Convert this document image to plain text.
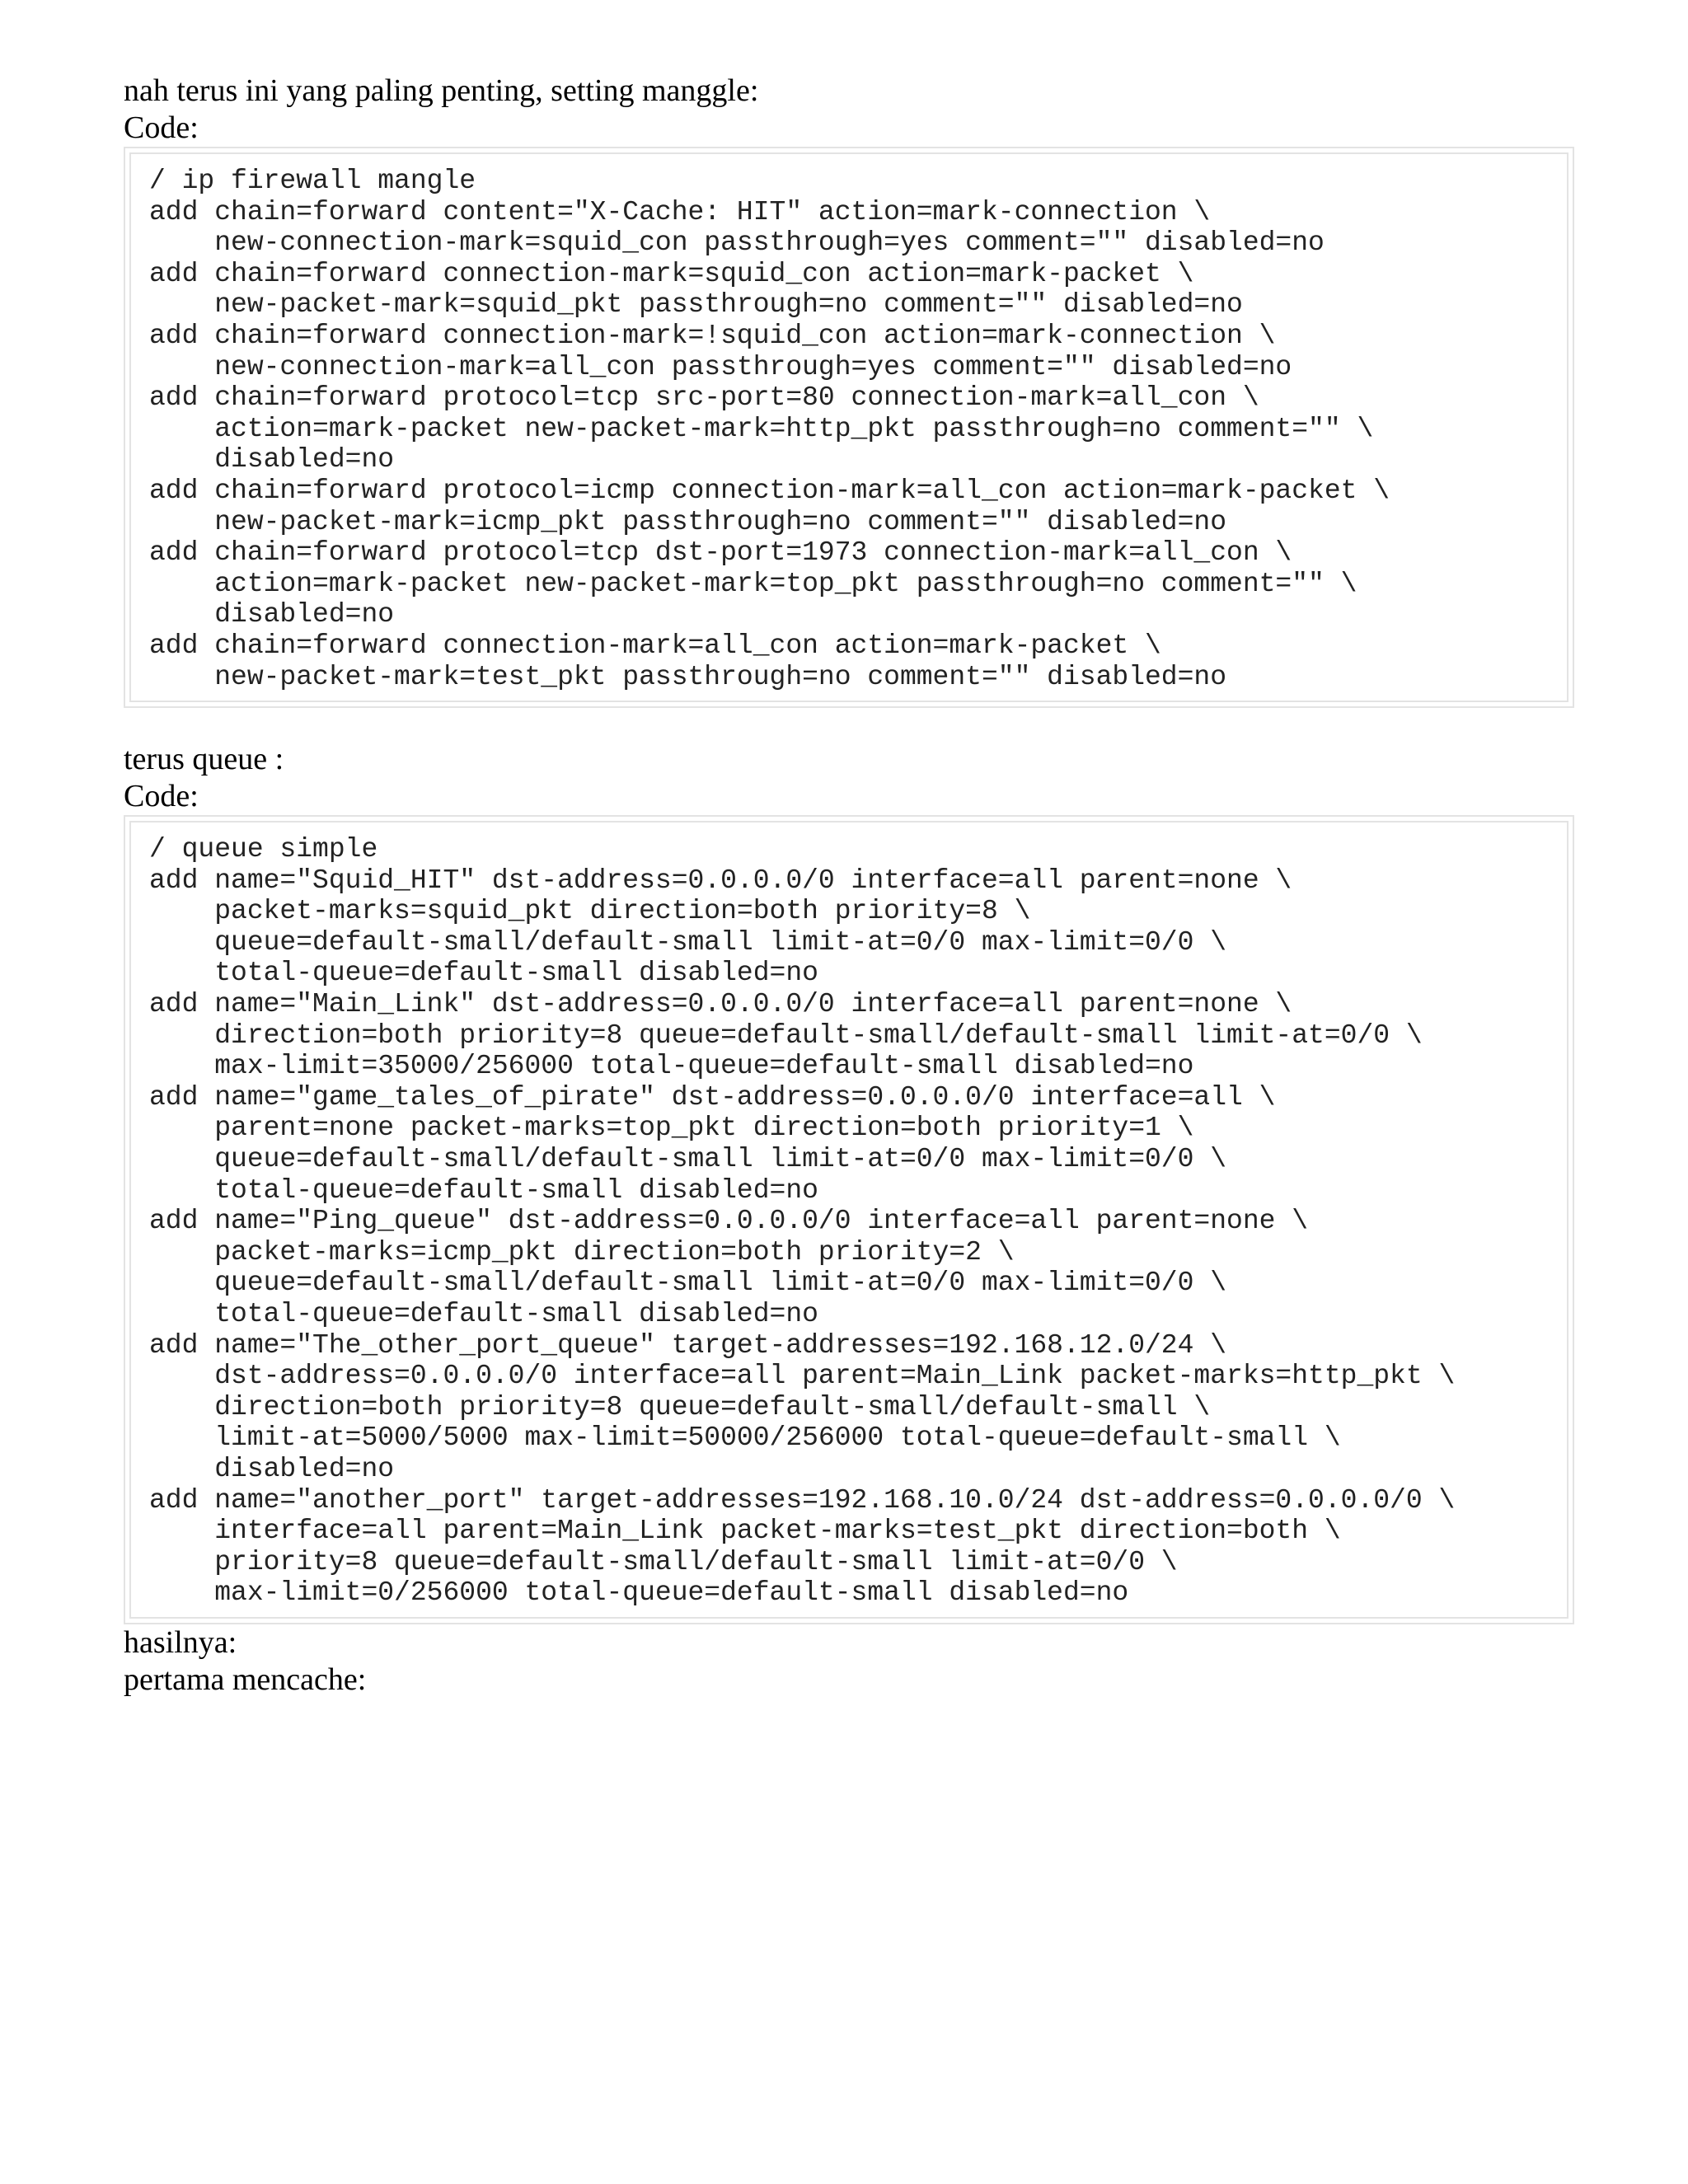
nah terus ini yang paling penting, setting manggle:

Code:

/ ip firewall mangle
add chain=forward content="X-Cache: HIT" action=mark-connection \
new-connection-mark=squid_con passthrough=yes comment="" disabled=no
add chain=forward connection-mark=squid_con action=mark-packet \
new-packet-mark=squid_pkt passthrough=no comment="" disabled=no
add chain=forward connection-mark=!squid_con action=mark-connection \
new-connection-mark=all_con passthrough=yes comment="" disabled=no
add chain=forward protocol=tcp src-port=80 connection-mark=all_con \
action=mark-packet new-packet-mark=http_pkt passthrough=no comment="" \
disabled=no
add chain=forward protocol=icmp connection-mark=all_con action=mark-packet \
new-packet-mark=icmp_pkt passthrough=no comment="" disabled=no
add chain=forward protocol=tcp dst-port=1973 connection-mark=all_con \
action=mark-packet new-packet-mark=top_pkt passthrough=no comment="" \
disabled=no
add chain=forward connection-mark=all_con action=mark-packet \
new-packet-mark=test_pkt passthrough=no comment="" disabled=no

terus queue :

Code:

/ queue simple
add name="Squid_HIT" dst-address=0.0.0.0/0 interface=all parent=none \
packet-marks=squid_pkt direction=both priority=8 \
queue=default-small/default-small limit-at=0/0 max-limit=0/0 \
total-queue=default-small disabled=no
add name="Main_Link" dst-address=0.0.0.0/0 interface=all parent=none \
direction=both priority=8 queue=default-small/default-small limit-at=0/0 \
max-limit=35000/256000 total-queue=default-small disabled=no
add name="game_tales_of_pirate" dst-address=0.0.0.0/0 interface=all \
parent=none packet-marks=top_pkt direction=both priority=1 \
queue=default-small/default-small limit-at=0/0 max-limit=0/0 \
total-queue=default-small disabled=no
add name="Ping_queue" dst-address=0.0.0.0/0 interface=all parent=none \
packet-marks=icmp_pkt direction=both priority=2 \
queue=default-small/default-small limit-at=0/0 max-limit=0/0 \
total-queue=default-small disabled=no
add name="The_other_port_queue" target-addresses=192.168.12.0/24 \
dst-address=0.0.0.0/0 interface=all parent=Main_Link packet-marks=http_pkt \
direction=both priority=8 queue=default-small/default-small \
limit-at=5000/5000 max-limit=50000/256000 total-queue=default-small \
disabled=no
add name="another_port" target-addresses=192.168.10.0/24 dst-address=0.0.0.0/0 \
interface=all parent=Main_Link packet-marks=test_pkt direction=both \
priority=8 queue=default-small/default-small limit-at=0/0 \
max-limit=0/256000 total-queue=default-small disabled=no

hasilnya:

pertama mencache:
